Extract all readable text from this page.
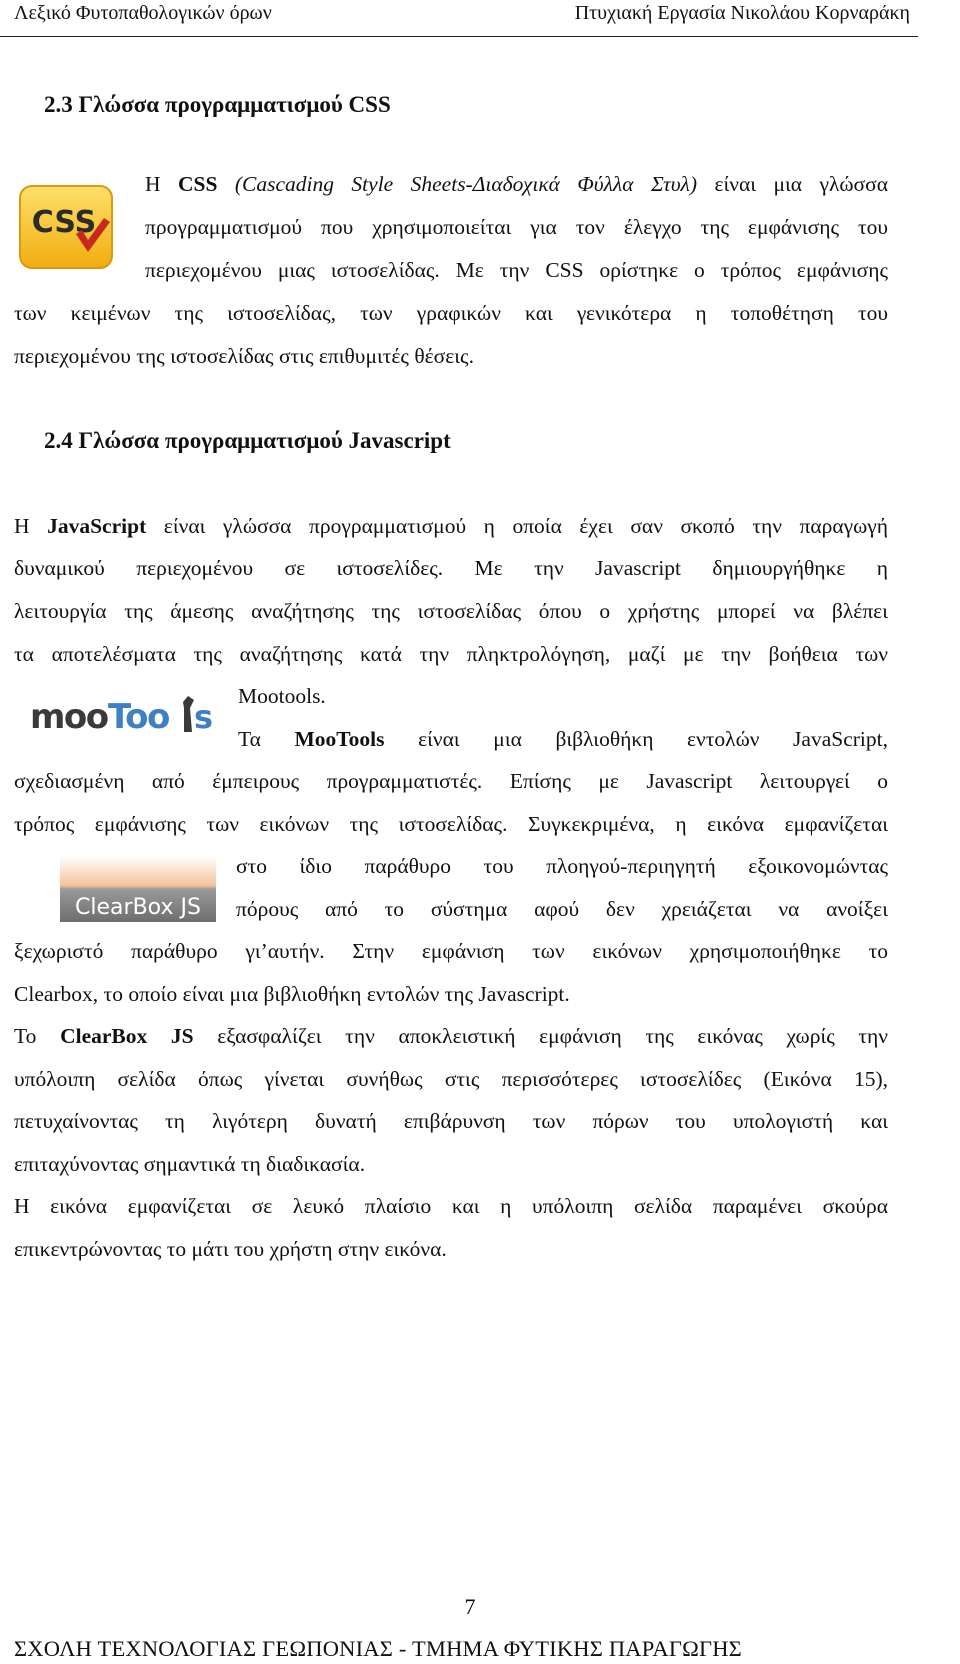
Λεξικό Φυτοπαθολογικών όρων	Πτυχιακή Εργασία Νικολάου Κορναράκη
2.3 Γλώσσα προγραμματισμού CSS
CSS
Η CSS (Cascading Style Sheets-Διαδοχικά Φύλλα Στυλ) είναι μια γλώσσα
προγραμματισμού που χρησιμοποιείται για τον έλεγχο της εμφάνισης του
περιεχομένου μιας ιστοσελίδας. Με την CSS ορίστηκε ο τρόπος εμφάνισης
των κειμένων της ιστοσελίδας, των γραφικών και γενικότερα η τοποθέτηση του
περιεχομένου της ιστοσελίδας στις επιθυμιτές θέσεις.
2.4 Γλώσσα προγραμματισμού Javascript
Η JavaScript είναι γλώσσα προγραμματισμού η οποία έχει σαν σκοπό την παραγωγή
δυναμικού περιεχομένου σε ιστοσελίδες. Με την Javascript δημιουργήθηκε η
λειτουργία της άμεσης αναζήτησης της ιστοσελίδας όπου ο χρήστης μπορεί να βλέπει
τα αποτελέσματα της αναζήτησης κατά την πληκτρολόγηση, μαζί με την βοήθεια των
Mootools.
moo Too s
mooTools
Τα MooTools είναι μια βιβλιοθήκη εντολών JavaScript,
σχεδιασμένη από έμπειρους προγραμματιστές. Επίσης με Javascript λειτουργεί ο
τρόπος εμφάνισης των εικόνων της ιστοσελίδας. Συγκεκριμένα, η εικόνα εμφανίζεται
ClearBox JS
στο ίδιο παράθυρο του πλοηγού-περιηγητή εξοικονομώντας
πόρους από το σύστημα αφού δεν χρειάζεται να ανοίξει
ξεχωριστό παράθυρο γι’αυτήν. Στην εμφάνιση των εικόνων χρησιμοποιήθηκε το
Clearbox, το οποίο είναι μια βιβλιοθήκη εντολών της Javascript.
Το ClearBox JS εξασφαλίζει την αποκλειστική εμφάνιση της εικόνας χωρίς την
υπόλοιπη σελίδα όπως γίνεται συνήθως στις περισσότερες ιστοσελίδες (Εικόνα 15),
πετυχαίνοντας τη λιγότερη δυνατή επιβάρυνση των πόρων του υπολογιστή και
επιταχύνοντας σημαντικά τη διαδικασία.
Η εικόνα εμφανίζεται σε λευκό πλαίσιο και η υπόλοιπη σελίδα παραμένει σκούρα
επικεντρώνοντας το μάτι του χρήστη στην εικόνα.
7
ΣΧΟΛΗ ΤΕΧΝΟΛΟΓΙΑΣ ΓΕΩΠΟΝΙΑΣ - ΤΜΗΜΑ ΦΥΤΙΚΗΣ ΠΑΡΑΓΩΓΗΣ
